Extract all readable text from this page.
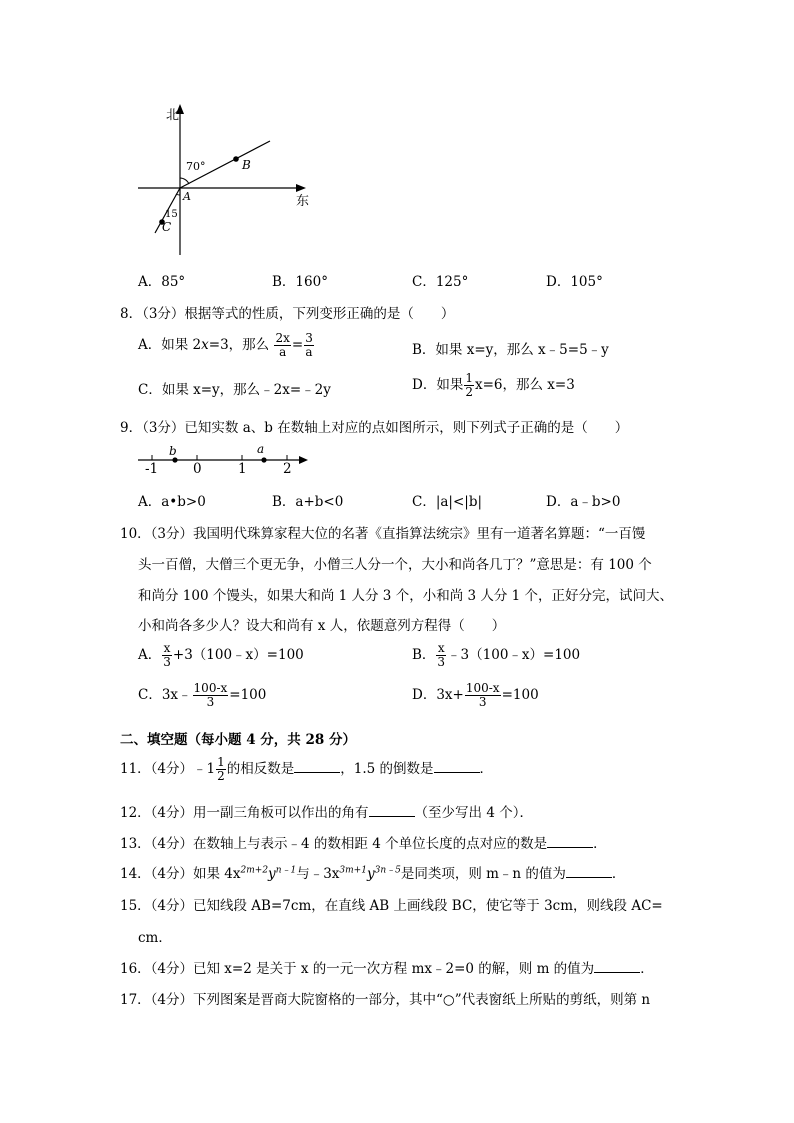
北
东
70°
A
B
C
15
A．85°	B．160°	C．125°	D．105°
8．（3分）根据等式的性质，下列变形正确的是（　　）
A．如果 2x=3，那么 $\frac{2x}{a} = \frac{3}{a}$	B．如果 x=y，那么 x﹣5=5﹣y
C．如果 x=y，那么﹣2x=﹣2y	D．如果 $\frac{1}{2} x=6$，那么 x=3
9．（3分）已知实数 a、b 在数轴上对应的点如图所示，则下列式子正确的是（　　）
-1	0	1	2
b	a
A．a•b>0	B．a+b<0	C．|a|<|b|	D．a﹣b>0
10．（3分）我国明代珠算家程大位的名著《直指算法统宗》里有一道著名算题：“一百馒
头一百僧，大僧三个更无争，小僧三人分一个，大小和尚各几丁？”意思是：有 100 个
和尚分 100 个馒头，如果大和尚 1 人分 3 个，小和尚 3 人分 1 个，正好分完，试问大、
小和尚各多少人？设大和尚有 x 人，依题意列方程得（　　）
A． $\frac{x}{3}$ +3（100﹣x）=100	B． $\frac{x}{3}$ ﹣3（100﹣x）=100
C．3x﹣ $\frac{100-x}{3} =100$	D．$3x+ \frac{100-x}{3} =100$
二、填空题（每小题 4 分，共 28 分）
11．（4分）﹣1 $\frac{1}{2}$ 的相反数是	，1.5 的倒数是	．
12．（4分）用一副三角板可以作出的角有	（至少写出 4 个）．
13．（4分）在数轴上与表示﹣4 的数相距 4 个单位长度的点对应的数是	．
14．（4分）如果 $4x^{2m+2}y^{n﹣1}$与$﹣3x^{3m+1}y^{3n﹣5}$是同类项，则 m﹣n 的值为	．
15．（4分）已知线段 AB=7cm，在直线 AB 上画线段 BC，使它等于 3cm，则线段 AC=
cm．
16．（4分）已知 x=2 是关于 x 的一元一次方程 mx﹣2=0 的解，则 m 的值为	．
17．（4分）下列图案是晋商大院窗格的一部分，其中“○”代表窗纸上所贴的剪纸，则第 n
